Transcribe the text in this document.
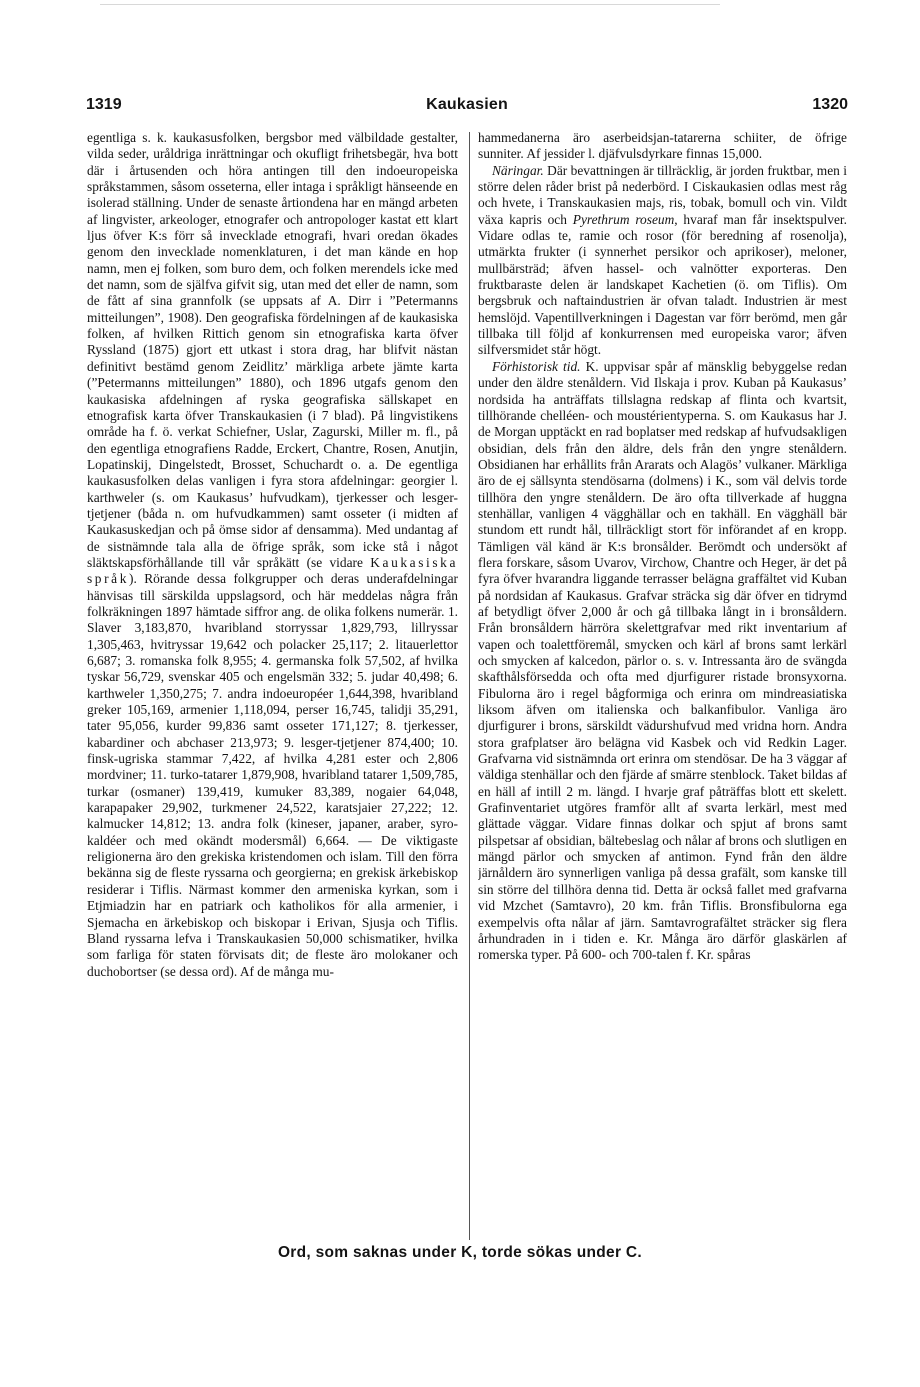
1319	Kaukasien	1320

egentliga s. k. kaukasusfolken, bergsbor med välbildade gestalter, vilda seder, uråldriga inrättningar och okufligt frihetsbegär, hva bott där i årtusenden och höra antingen till den indoeuropeiska språkstammen, såsom osseterna, eller intaga i språkligt hänseende en isolerad ställning. Under de senaste årtiondena har en mängd arbeten af lingvister, arkeologer, etnografer och antropologer kastat ett klart ljus öfver K:s förr så invecklade etnografi, hvari oredan ökades genom den invecklade nomenklaturen, i det man kände en hop namn, men ej folken, som buro dem, och folken merendels icke med det namn, som de själfva gifvit sig, utan med det eller de namn, som de fått af sina grannfolk (se uppsats af A. Dirr i ”Petermanns mitteilungen”, 1908). Den geografiska fördelningen af de kaukasiska folken, af hvilken Rittich genom sin etnografiska karta öfver Ryssland (1875) gjort ett utkast i stora drag, har blifvit nästan definitivt bestämd genom Zeidlitz’ märkliga arbete jämte karta (”Petermanns mitteilungen” 1880), och 1896 utgafs genom den kaukasiska afdelningen af ryska geografiska sällskapet en etnografisk karta öfver Transkaukasien (i 7 blad). På lingvistikens område ha f. ö. verkat Schiefner, Uslar, Zagurski, Miller m. fl., på den egentliga etnografiens Radde, Erckert, Chantre, Rosen, Anutjin, Lopatinskij, Dingelstedt, Brosset, Schuchardt o. a. De egentliga kaukasusfolken delas vanligen i fyra stora afdelningar: georgier l. karthweler (s. om Kaukasus’ hufvudkam), tjerkesser och lesger-tjetjener (båda n. om hufvudkammen) samt osseter (i midten af Kaukasuskedjan och på ömse sidor af densamma). Med undantag af de sistnämnde tala alla de öfrige språk, som icke stå i något släktskapsförhållande till vår språkätt (se vidare Kaukasiska språk). Rörande dessa folkgrupper och deras underafdelningar hänvisas till särskilda uppslagsord, och här meddelas några från folkräkningen 1897 hämtade siffror ang. de olika folkens numerär. 1. Slaver 3,183,870, hvaribland storryssar 1,829,793, lillryssar 1,305,463, hvitryssar 19,642 och polacker 25,117; 2. litauerlettor 6,687; 3. romanska folk 8,955; 4. germanska folk 57,502, af hvilka tyskar 56,729, svenskar 405 och engelsmän 332; 5. judar 40,498; 6. karthweler 1,350,275; 7. andra indoeuropéer 1,644,398, hvaribland greker 105,169, armenier 1,118,094, perser 16,745, talidji 35,291, tater 95,056, kurder 99,836 samt osseter 171,127; 8. tjerkesser, kabardiner och abchaser 213,973; 9. lesger-tjetjener 874,400; 10. finsk-ugriska stammar 7,422, af hvilka 4,281 ester och 2,806 mordviner; 11. turko-tatarer 1,879,908, hvaribland tatarer 1,509,785, turkar (osmaner) 139,419, kumuker 83,389, nogaier 64,048, karapapaker 29,902, turkmener 24,522, karatsjaier 27,222; 12. kalmucker 14,812; 13. andra folk (kineser, japaner, araber, syro-kaldéer och med okändt modersmål) 6,664. — De viktigaste religionerna äro den grekiska kristendomen och islam. Till den förra bekänna sig de fleste ryssarna och georgierna; en grekisk ärkebiskop residerar i Tiflis. Närmast kommer den armeniska kyrkan, som i Etjmiadzin har en patriark och katholikos för alla armenier, i Sjemacha en ärkebiskop och biskopar i Erivan, Sjusja och Tiflis. Bland ryssarna lefva i Transkaukasien 50,000 schismatiker, hvilka som farliga för staten förvisats dit; de fleste äro molokaner och duchobortser (se dessa ord). Af de många mu-

hammedanerna äro aserbeidsjan-tatarerna schiiter, de öfrige sunniter. Af jessider l. djäfvulsdyrkare finnas 15,000.

Näringar. Där bevattningen är tillräcklig, är jorden fruktbar, men i större delen råder brist på nederbörd. I Ciskaukasien odlas mest råg och hvete, i Transkaukasien majs, ris, tobak, bomull och vin. Vildt växa kapris och Pyrethrum roseum, hvaraf man får insektspulver. Vidare odlas te, ramie och rosor (för beredning af rosenolja), utmärkta frukter (i synnerhet persikor och aprikoser), meloner, mullbärsträd; äfven hassel- och valnötter exporteras. Den fruktbaraste delen är landskapet Kachetien (ö. om Tiflis). Om bergsbruk och naftaindustrien är ofvan taladt. Industrien är mest hemslöjd. Vapentillverkningen i Dagestan var förr berömd, men går tillbaka till följd af konkurrensen med europeiska varor; äfven silfversmidet står högt.

Förhistorisk tid. K. uppvisar spår af mänsklig bebyggelse redan under den äldre stenåldern. Vid Ilskaja i prov. Kuban på Kaukasus’ nordsida ha anträffats tillslagna redskap af flinta och kvartsit, tillhörande chelléen- och moustérientyperna. S. om Kaukasus har J. de Morgan upptäckt en rad boplatser med redskap af hufvudsakligen obsidian, dels från den äldre, dels från den yngre stenåldern. Obsidianen har erhållits från Ararats och Alagös’ vulkaner. Märkliga äro de ej sällsynta stendösarna (dolmens) i K., som väl delvis torde tillhöra den yngre stenåldern. De äro ofta tillverkade af huggna stenhällar, vanligen 4 vägghällar och en takhäll. En vägghäll bär stundom ett rundt hål, tillräckligt stort för införandet af en kropp. Tämligen väl känd är K:s bronsålder. Berömdt och undersökt af flera forskare, såsom Uvarov, Virchow, Chantre och Heger, är det på fyra öfver hvarandra liggande terrasser belägna graffältet vid Kuban på nordsidan af Kaukasus. Grafvar sträcka sig där öfver en tidrymd af betydligt öfver 2,000 år och gå tillbaka långt in i bronsåldern. Från bronsåldern härröra skelettgrafvar med rikt inventarium af vapen och toalettföremål, smycken och kärl af brons samt lerkärl och smycken af kalcedon, pärlor o. s. v. Intressanta äro de svängda skafthålsförsedda och ofta med djurfigurer ristade bronsyxorna. Fibulorna äro i regel bågformiga och erinra om mindreasiatiska liksom äfven om italienska och balkanfibulor. Vanliga äro djurfigurer i brons, särskildt vädurshufvud med vridna horn. Andra stora grafplatser äro belägna vid Kasbek och vid Redkin Lager. Grafvarna vid sistnämnda ort erinra om stendösar. De ha 3 väggar af väldiga stenhällar och den fjärde af smärre stenblock. Taket bildas af en häll af intill 2 m. längd. I hvarje graf påträffas blott ett skelett. Grafinventariet utgöres framför allt af svarta lerkärl, mest med glättade väggar. Vidare finnas dolkar och spjut af brons samt pilspetsar af obsidian, bältebeslag och nålar af brons och slutligen en mängd pärlor och smycken af antimon. Fynd från den äldre järnåldern äro synnerligen vanliga på dessa grafält, som kanske till sin större del tillhöra denna tid. Detta är också fallet med grafvarna vid Mzchet (Samtavro), 20 km. från Tiflis. Bronsfibulorna ega exempelvis ofta nålar af järn. Samtavrografältet sträcker sig flera århundraden in i tiden e. Kr. Många äro därför glaskärlen af romerska typer. På 600- och 700-talen f. Kr. spåras

Ord, som saknas under K, torde sökas under C.
